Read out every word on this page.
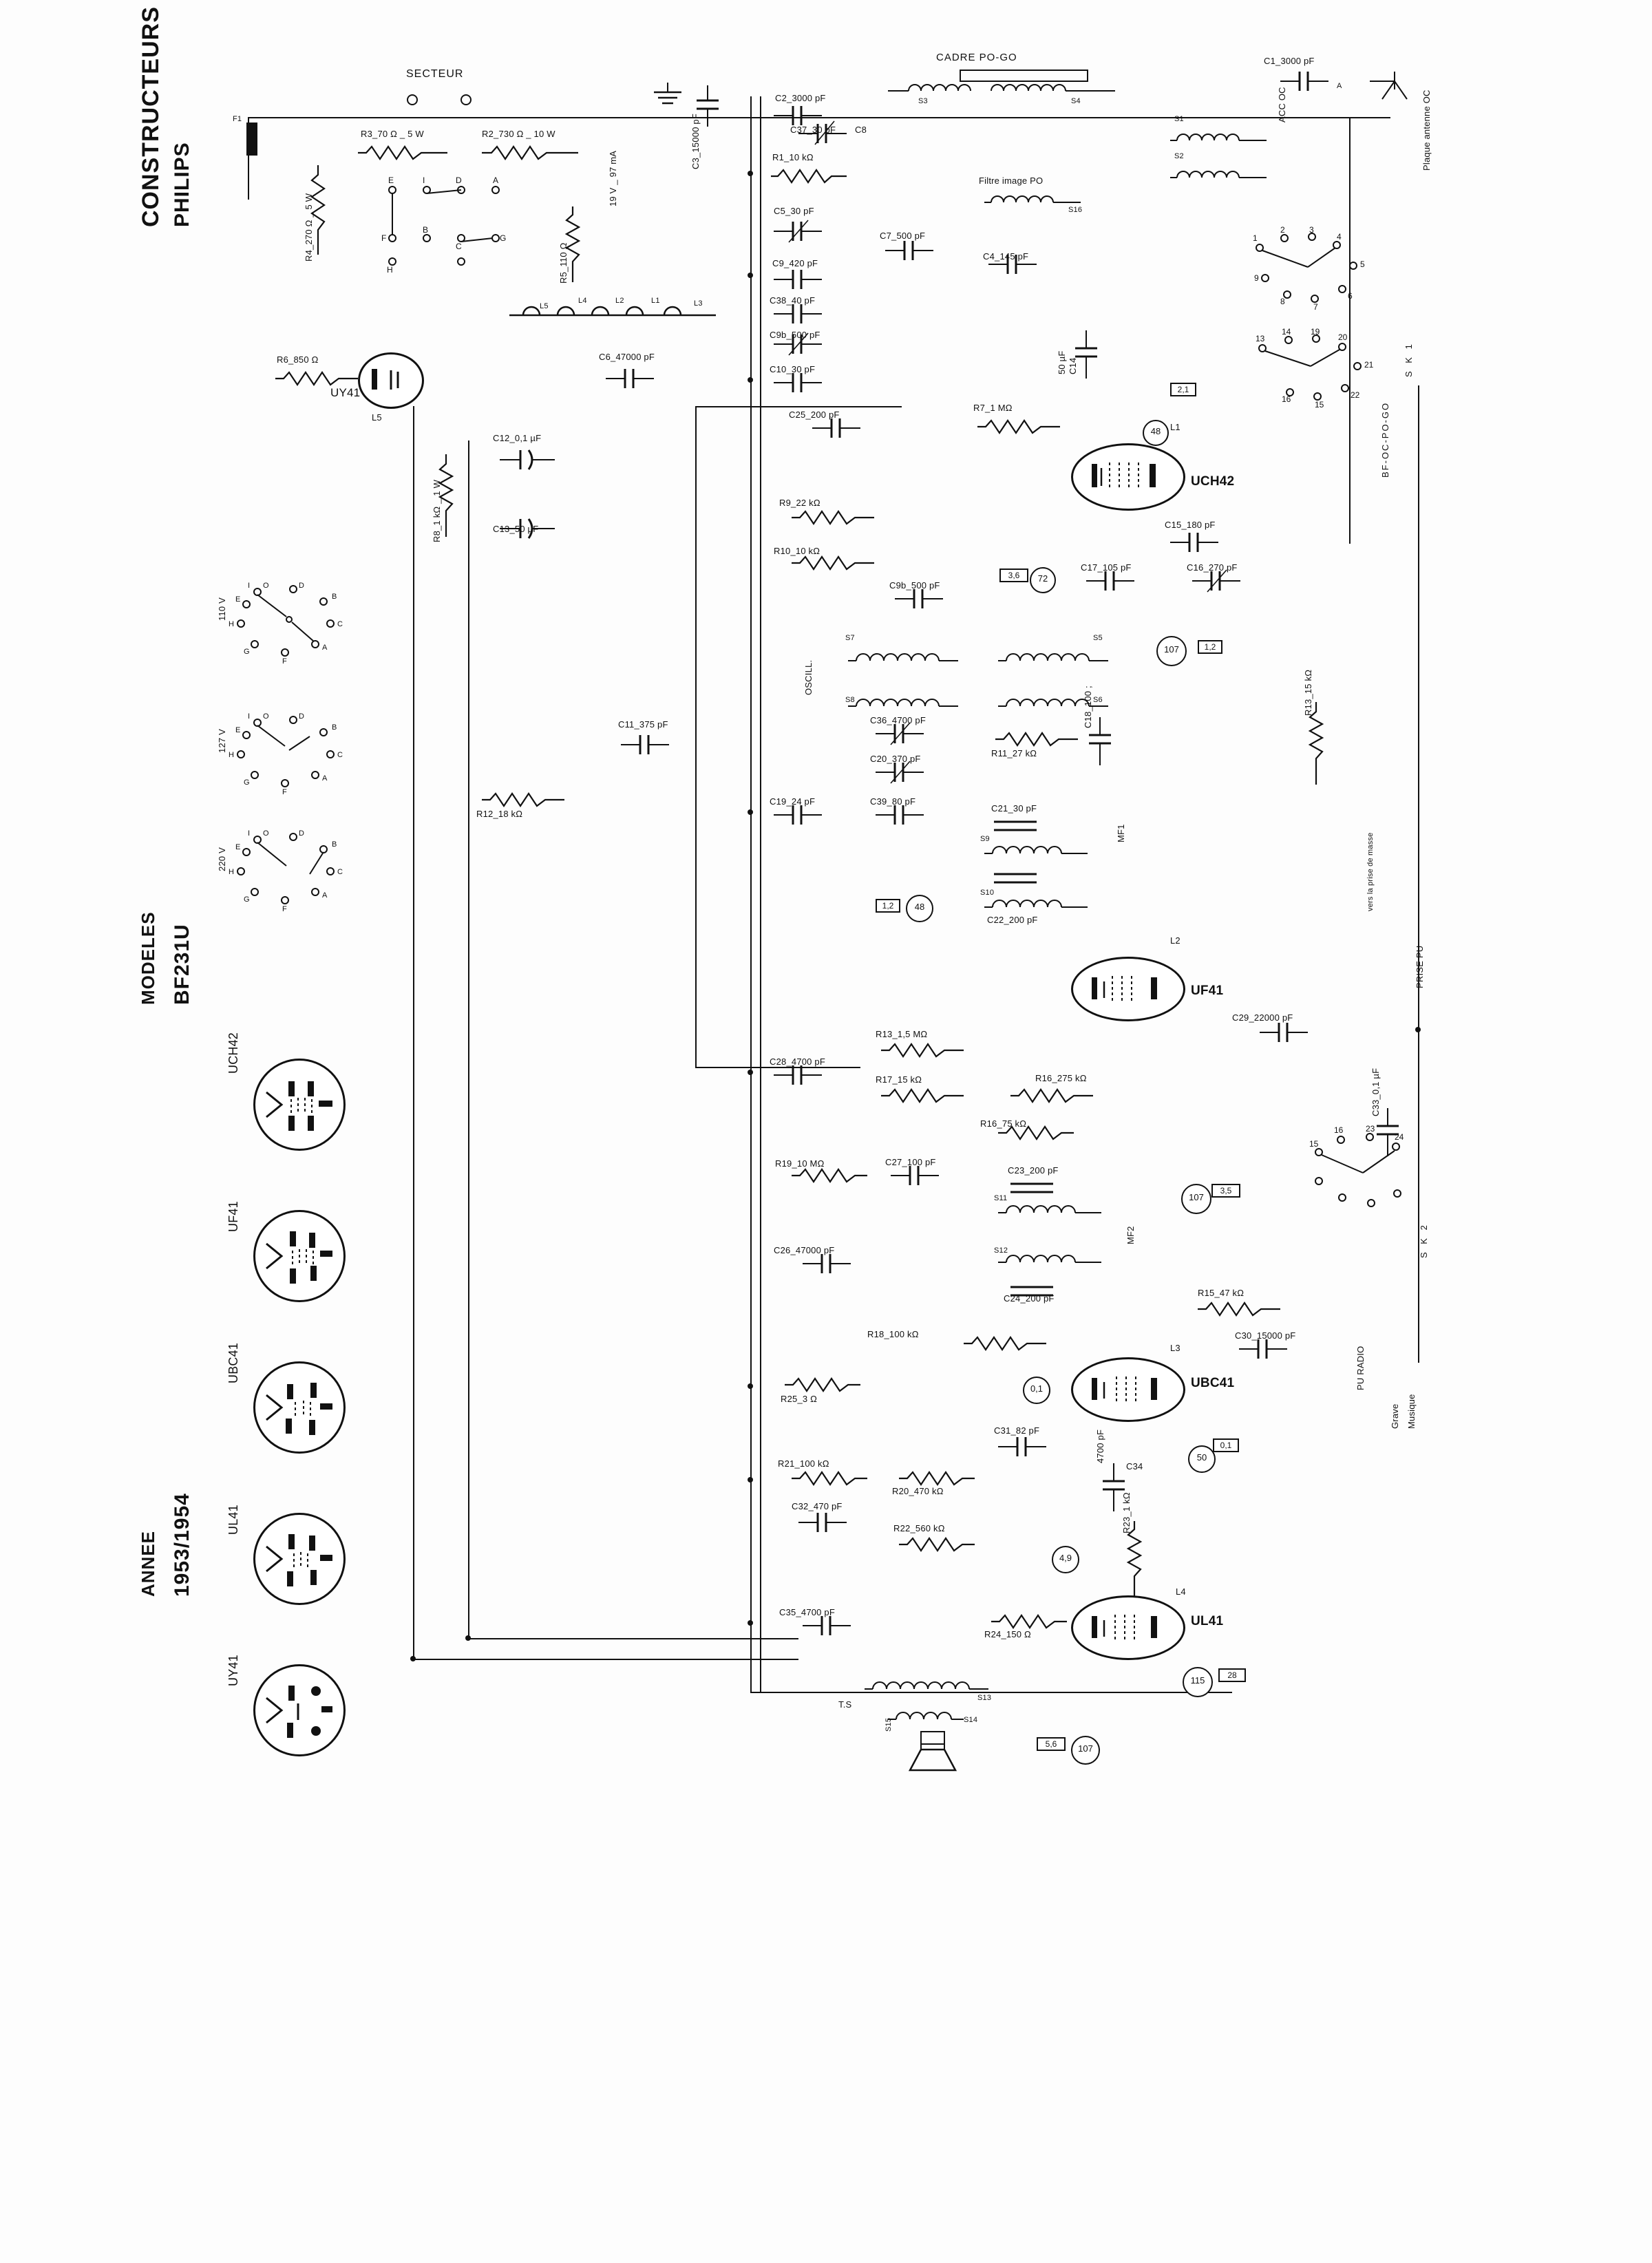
CONSTRUCTEURS PHILIPS
MODELES BF231U
ANNEE 1953/1954
I O	D
B
C
A
F
G
H
E
110 V
I O	D
B
C
A
F
G
H
E
127 V
I O	D
B
C
A
F
G
H
E
220 V
UCH42
UF41
UBC41
UL41
UY41
SECTEUR
F1
R3_70 Ω _ 5 W	R2_730 Ω _ 10 W
R4_270 Ω _ 5 W
R5_110 Ω
19 V _ 97 mA
E	I	D	A
F
B
C
G
H
R1_10 kΩ
R6_850 Ω	C6_47000 pF
C3_15000 pF
C2_3000 pF
CADRE PO-GO
S3	S4
C1_3000 pF
A
S1
S2
ACC OC	Plaque antenne OC
Filtre image PO
S16
C37_30 pF C8
C5_30 pF
C7_500 pF
C4_145 pF
C9_420 pF
C38_40 pF
C9b_500 pF
C10_30 pF
L5
L4	L2	L1	L3
C14
50 µF
UY41
L5
R8_1 kΩ _ 1 W
C12_0,1 µF
C13_50 µF
C25_200 pF
R7_1 MΩ
UCH42
L1
R9_22 kΩ
R10_10 kΩ
C15_180 pF
C16_270 pF
C17_105 pF
C9b_500 pF
OSCILL.
S7
S8
S5
S6
C36_4700 pF
R11_27 kΩ
C18_100 ;	R13_15 kΩ
C11_375 pF
R12_18 kΩ
C20_370 pF
C19_24 pF	C39_80 pF
S9
S10
MF1
C21_30 pF
C22_200 pF
UF41
L2
C29_22000 pF
PRISE PU
vers la prise de masse
R13_1,5 MΩ
R17_15 kΩ	R16_275 kΩ
R16_75 kΩ
C28_4700 pF
R19_10 MΩ	C27_100 pF
C26_47000 pF
S11
S12
MF2
C23_200 pF
C24_200 pF
R15_47 kΩ
C30_15000 pF
R18_100 kΩ
C33_0,1 µF
UBC41
L3
R25_3 Ω
C31_82 pF
R21_100 kΩ
R20_470 kΩ
C32_470 pF
R22_560 kΩ
C34
4700 pF
R23_1 kΩ
R24_150 Ω
C35_4700 pF
UL41
L4
S13
S14
T.S
S15
1
2	3
4
5
6
7
8
9
13
14 19
20
21
22
15
16
S K 1
BF-OC-PO-GO
15
16	23
24
S K 2
PU RADIO
Grave Musique
48
2,1
72
3,6
107	1,2
48
1,2
107
3,5
0,1
50
0,1
4,9
115	28
107
5,6
